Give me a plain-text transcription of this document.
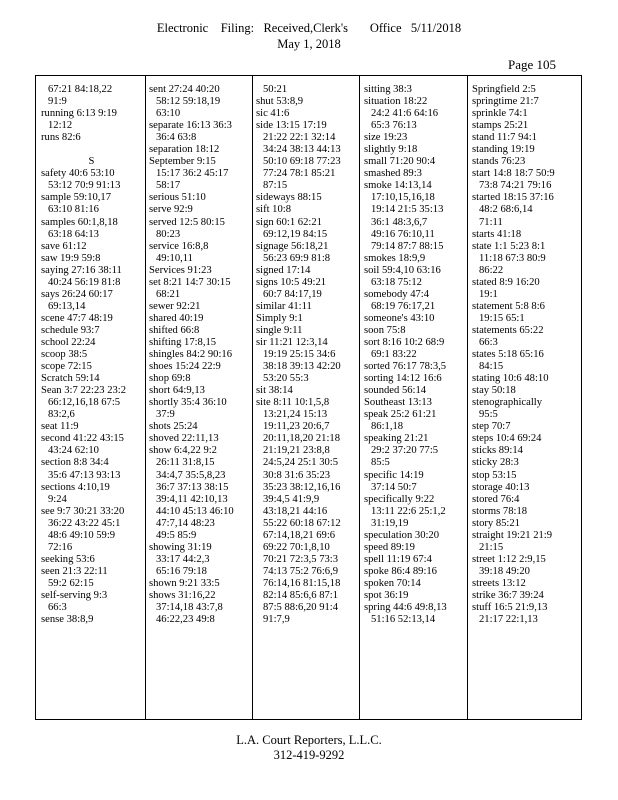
Electronic    Filing:   Received,Clerk's       Office   5/11/2018
May 1, 2018
Page 105
67:21 84:18,22
91:9
running 6:13 9:19
12:12
runs 82:6

S
safety 40:6 53:10
53:12 70:9 91:13
sample 59:10,17
63:10 81:16
samples 60:1,8,18
63:18 64:13
save 61:12
saw 19:9 59:8
saying 27:16 38:11
40:24 56:19 81:8
says 26:24 60:17
69:13,14
scene 47:7 48:19
schedule 93:7
school 22:24
scoop 38:5
scope 72:15
Scratch 59:14
Sean 3:7 22:23 23:2
66:12,16,18 67:5
83:2,6
seat 11:9
second 41:22 43:15
43:24 62:10
section 8:8 34:4
35:6 47:13 93:13
sections 4:10,19
9:24
see 9:7 30:21 33:20
36:22 43:22 45:1
48:6 49:10 59:9
72:16
seeking 53:6
seen 21:3 22:11
59:2 62:15
self-serving 9:3
66:3
sense 38:8,9
sent 27:24 40:20
58:12 59:18,19
63:10
separate 16:13 36:3
36:4 63:8
separation 18:12
September 9:15
15:17 36:2 45:17
58:17
serious 51:10
serve 92:9
served 12:5 80:15
80:23
service 16:8,8
49:10,11
Services 91:23
set 8:21 14:7 30:15
68:21
sewer 92:21
shared 40:19
shifted 66:8
shifting 17:8,15
shingles 84:2 90:16
shoes 15:24 22:9
shop 69:8
short 64:9,13
shortly 35:4 36:10
37:9
shots 25:24
shoved 22:11,13
show 6:4,22 9:2
26:11 31:8,15
34:4,7 35:5,8,23
36:7 37:13 38:15
39:4,11 42:10,13
44:10 45:13 46:10
47:7,14 48:23
49:5 85:9
showing 31:19
33:17 44:2,3
65:16 79:18
shown 9:21 33:5
shows 31:16,22
37:14,18 43:7,8
46:22,23 49:8
50:21
shut 53:8,9
sic 41:6
side 13:15 17:19
21:22 22:1 32:14
34:24 38:13 44:13
50:10 69:18 77:23
77:24 78:1 85:21
87:15
sideways 88:15
sift 10:8
sign 60:1 62:21
69:12,19 84:15
signage 56:18,21
56:23 69:9 81:8
signed 17:14
signs 10:5 49:21
60:7 84:17,19
similar 41:11
Simply 9:1
single 9:11
sir 11:21 12:3,14
19:19 25:15 34:6
38:18 39:13 42:20
53:20 55:3
sit 38:14
site 8:11 10:1,5,8
13:21,24 15:13
19:11,23 20:6,7
20:11,18,20 21:18
21:19,21 23:8,8
24:5,24 25:1 30:5
30:8 31:6 35:23
35:23 38:12,16,16
39:4,5 41:9,9
43:18,21 44:16
55:22 60:18 67:12
67:14,18,21 69:6
69:22 70:1,8,10
70:21 72:3,5 73:3
74:13 75:2 76:6,9
76:14,16 81:15,18
82:14 85:6,6 87:1
87:5 88:6,20 91:4
91:7,9
sitting 38:3
situation 18:22
24:2 41:6 64:16
65:3 76:13
size 19:23
slightly 9:18
small 71:20 90:4
smashed 89:3
smoke 14:13,14
17:10,15,16,18
19:14 21:5 35:13
36:1 48:3,6,7
49:16 76:10,11
79:14 87:7 88:15
smokes 18:9,9
soil 59:4,10 63:16
63:18 75:12
somebody 47:4
68:19 76:17,21
someone's 43:10
soon 75:8
sort 8:16 10:2 68:9
69:1 83:22
sorted 76:17 78:3,5
sorting 14:12 16:6
sounded 56:14
Southeast 13:13
speak 25:2 61:21
86:1,18
speaking 21:21
29:2 37:20 77:5
85:5
specific 14:19
37:14 50:7
specifically 9:22
13:11 22:6 25:1,2
31:19,19
speculation 30:20
speed 89:19
spell 11:19 67:4
spoke 86:4 89:16
spoken 70:14
spot 36:19
spring 44:6 49:8,13
51:16 52:13,14
Springfield 2:5
springtime 21:7
sprinkle 74:1
stamps 25:21
stand 11:7 94:1
standing 19:19
stands 76:23
start 14:8 18:7 50:9
73:8 74:21 79:16
started 18:15 37:16
48:2 68:6,14
71:11
starts 41:18
state 1:1 5:23 8:1
11:18 67:3 80:9
86:22
stated 8:9 16:20
19:1
statement 5:8 8:6
19:15 65:1
statements 65:22
66:3
states 5:18 65:16
84:15
stating 10:6 48:10
stay 50:18
stenographically
95:5
step 70:7
steps 10:4 69:24
sticks 89:14
sticky 28:3
stop 53:15
storage 40:13
stored 76:4
storms 78:18
story 85:21
straight 19:21 21:9
21:15
street 1:12 2:9,15
39:18 49:20
streets 13:12
strike 36:7 39:24
stuff 16:5 21:9,13
21:17 22:1,13
L.A. Court Reporters, L.L.C.
312-419-9292
